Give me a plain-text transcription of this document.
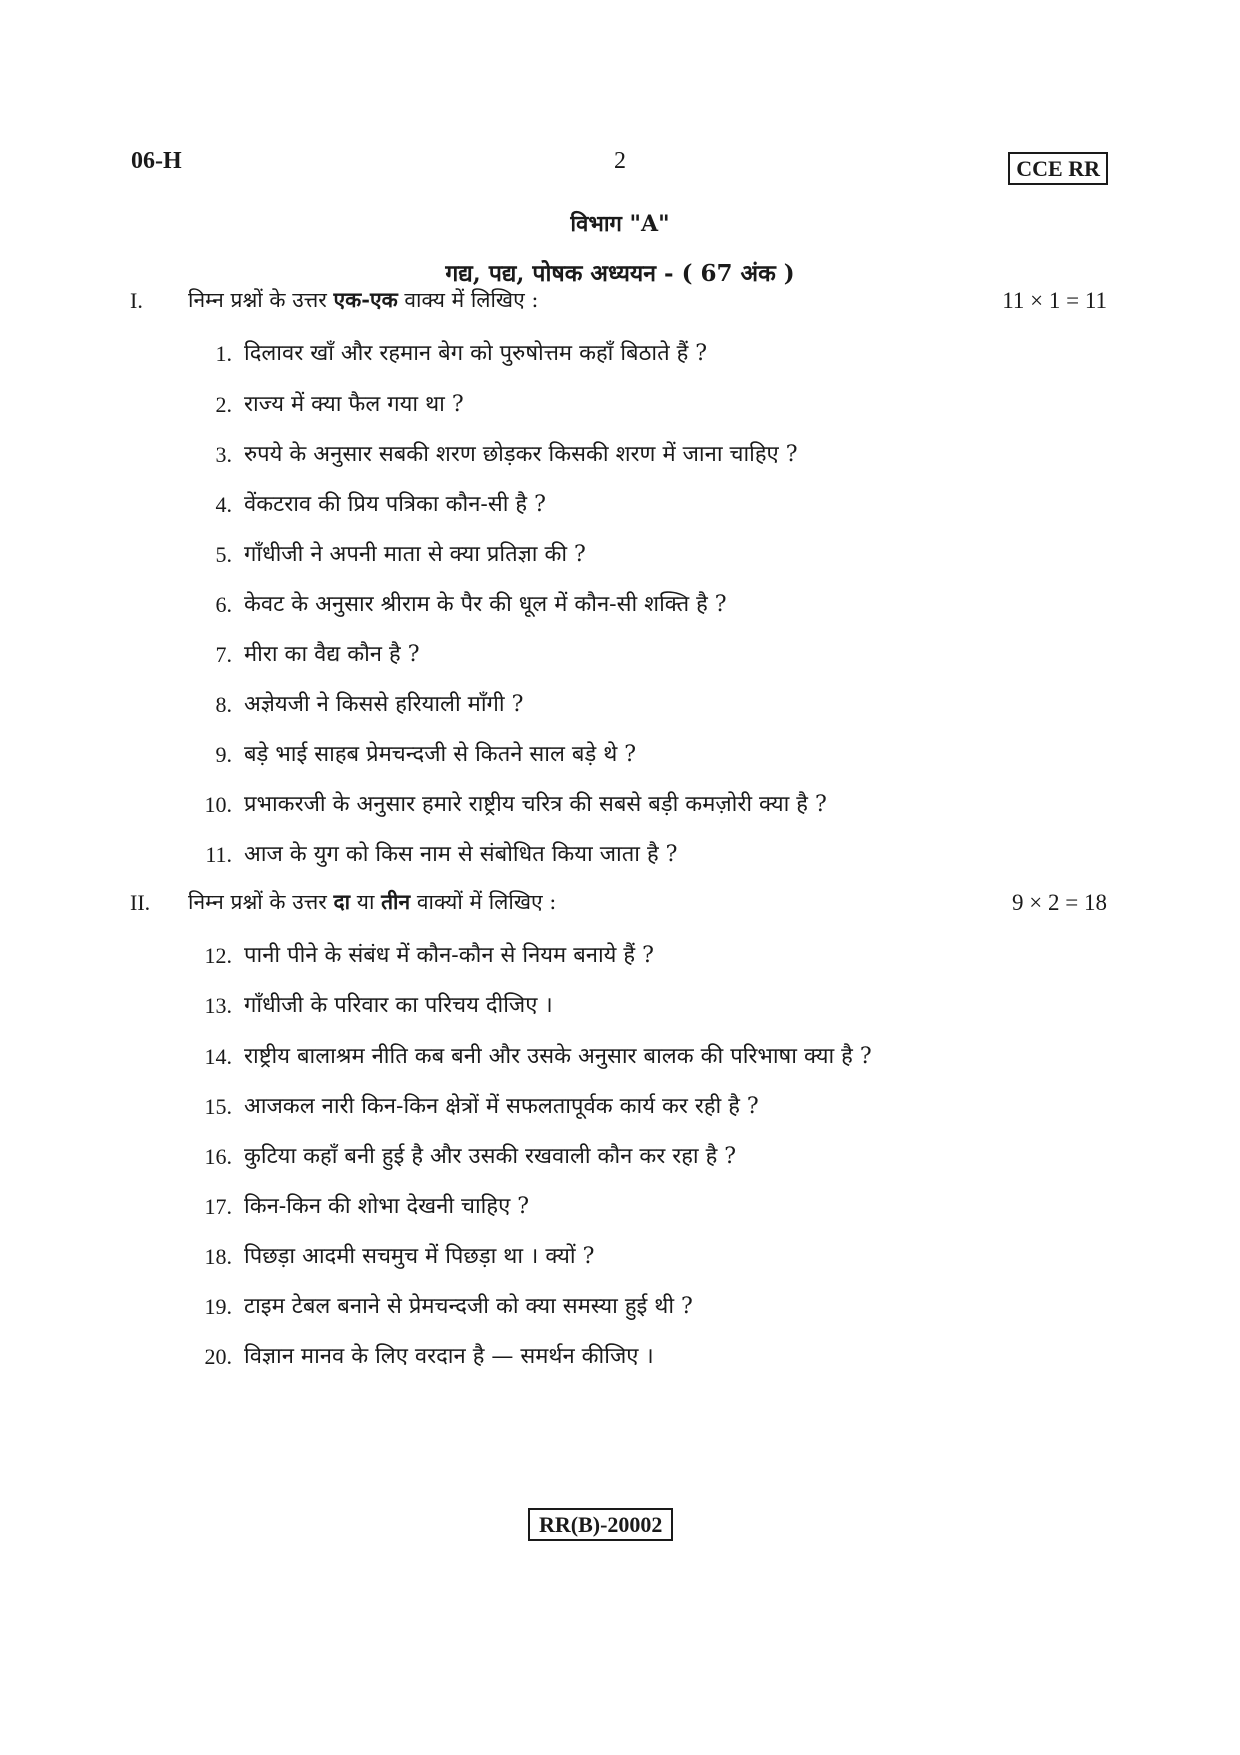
06-H	2	CCE RR
विभाग "A"
गद्य, पद्य, पोषक अध्ययन - ( 67 अंक )
I. निम्न प्रश्नों के उत्तर एक-एक वाक्य में लिखिए :	11 × 1 = 11
1. दिलावर खाँ और रहमान बेग को पुरुषोत्तम कहाँ बिठाते हैं ?
2. राज्य में क्या फैल गया था ?
3. रुपये के अनुसार सबकी शरण छोड़कर किसकी शरण में जाना चाहिए ?
4. वेंकटराव की प्रिय पत्रिका कौन-सी है ?
5. गाँधीजी ने अपनी माता से क्या प्रतिज्ञा की ?
6. केवट के अनुसार श्रीराम के पैर की धूल में कौन-सी शक्ति है ?
7. मीरा का वैद्य कौन है ?
8. अज्ञेयजी ने किससे हरियाली माँगी ?
9. बड़े भाई साहब प्रेमचन्दजी से कितने साल बड़े थे ?
10. प्रभाकरजी के अनुसार हमारे राष्ट्रीय चरित्र की सबसे बड़ी कमज़ोरी क्या है ?
11. आज के युग को किस नाम से संबोधित किया जाता है ?
II. निम्न प्रश्नों के उत्तर दा या तीन वाक्यों में लिखिए :	9 × 2 = 18
12. पानी पीने के संबंध में कौन-कौन से नियम बनाये हैं ?
13. गाँधीजी के परिवार का परिचय दीजिए ।
14. राष्ट्रीय बालाश्रम नीति कब बनी और उसके अनुसार बालक की परिभाषा क्या है ?
15. आजकल नारी किन-किन क्षेत्रों में सफलतापूर्वक कार्य कर रही है ?
16. कुटिया कहाँ बनी हुई है और उसकी रखवाली कौन कर रहा है ?
17. किन-किन की शोभा देखनी चाहिए ?
18. पिछड़ा आदमी सचमुच में पिछड़ा था । क्यों ?
19. टाइम टेबल बनाने से प्रेमचन्दजी को क्या समस्या हुई थी ?
20. विज्ञान मानव के लिए वरदान है — समर्थन कीजिए ।
RR(B)-20002
